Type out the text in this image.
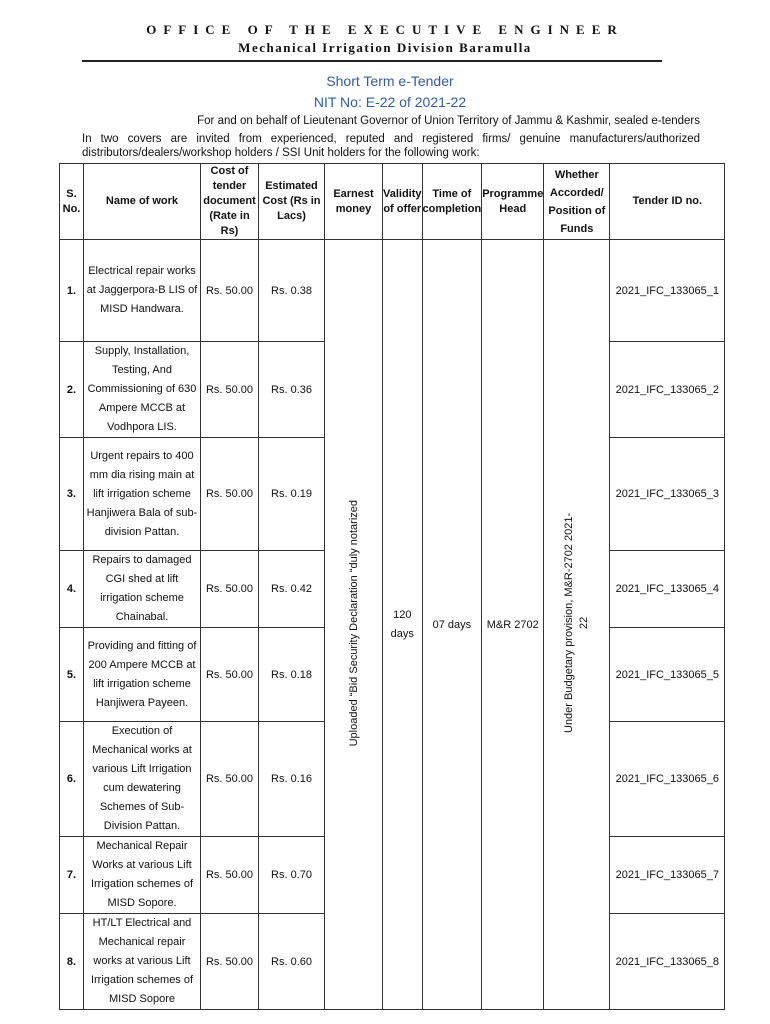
OFFICE OF THE EXECUTIVE ENGINEER
Mechanical Irrigation Division Baramulla
Short Term e-Tender
NIT No: E-22 of 2021-22
For and on behalf of Lieutenant Governor of Union Territory of Jammu & Kashmir, sealed e-tenders
In two covers are invited from experienced, reputed and registered firms/ genuine manufacturers/authorized
distributors/dealers/workshop holders / SSI Unit holders for the following work:
S. No.	Name of work	Cost of tender document (Rate in Rs)	Estimated Cost (Rs in Lacs)	Earnest money	Validity of offer	Time of completion	Programme Head	Whether Accorded/ Position of Funds	Tender ID no.
1.	Electrical repair works at Jaggerpora-B LIS of MISD Handwara.	Rs. 50.00	Rs. 0.38	Uploaded “Bid Security Declaration “duly notarized	120 days	07 days	M&R 2702	Under Budgetary provision, M&R-2702 2021-22	2021_IFC_133065_1
2.	Supply, Installation, Testing, And Commissioning of 630 Ampere MCCB at Vodhpora LIS.	Rs. 50.00	Rs. 0.36						2021_IFC_133065_2
3.	Urgent repairs to 400 mm dia rising main at lift irrigation scheme Hanjiwera Bala of sub-division Pattan.	Rs. 50.00	Rs. 0.19						2021_IFC_133065_3
4.	Repairs to damaged CGI shed at lift irrigation scheme Chainabal.	Rs. 50.00	Rs. 0.42						2021_IFC_133065_4
5.	Providing and fitting of 200 Ampere MCCB at lift irrigation scheme Hanjiwera Payeen.	Rs. 50.00	Rs. 0.18						2021_IFC_133065_5
6.	Execution of Mechanical works at various Lift Irrigation cum dewatering Schemes of Sub-Division Pattan.	Rs. 50.00	Rs. 0.16						2021_IFC_133065_6
7.	Mechanical Repair Works at various Lift Irrigation schemes of MISD Sopore.	Rs. 50.00	Rs. 0.70						2021_IFC_133065_7
8.	HT/LT Electrical and Mechanical repair works at various Lift Irrigation schemes of MISD Sopore	Rs. 50.00	Rs. 0.60						2021_IFC_133065_8
